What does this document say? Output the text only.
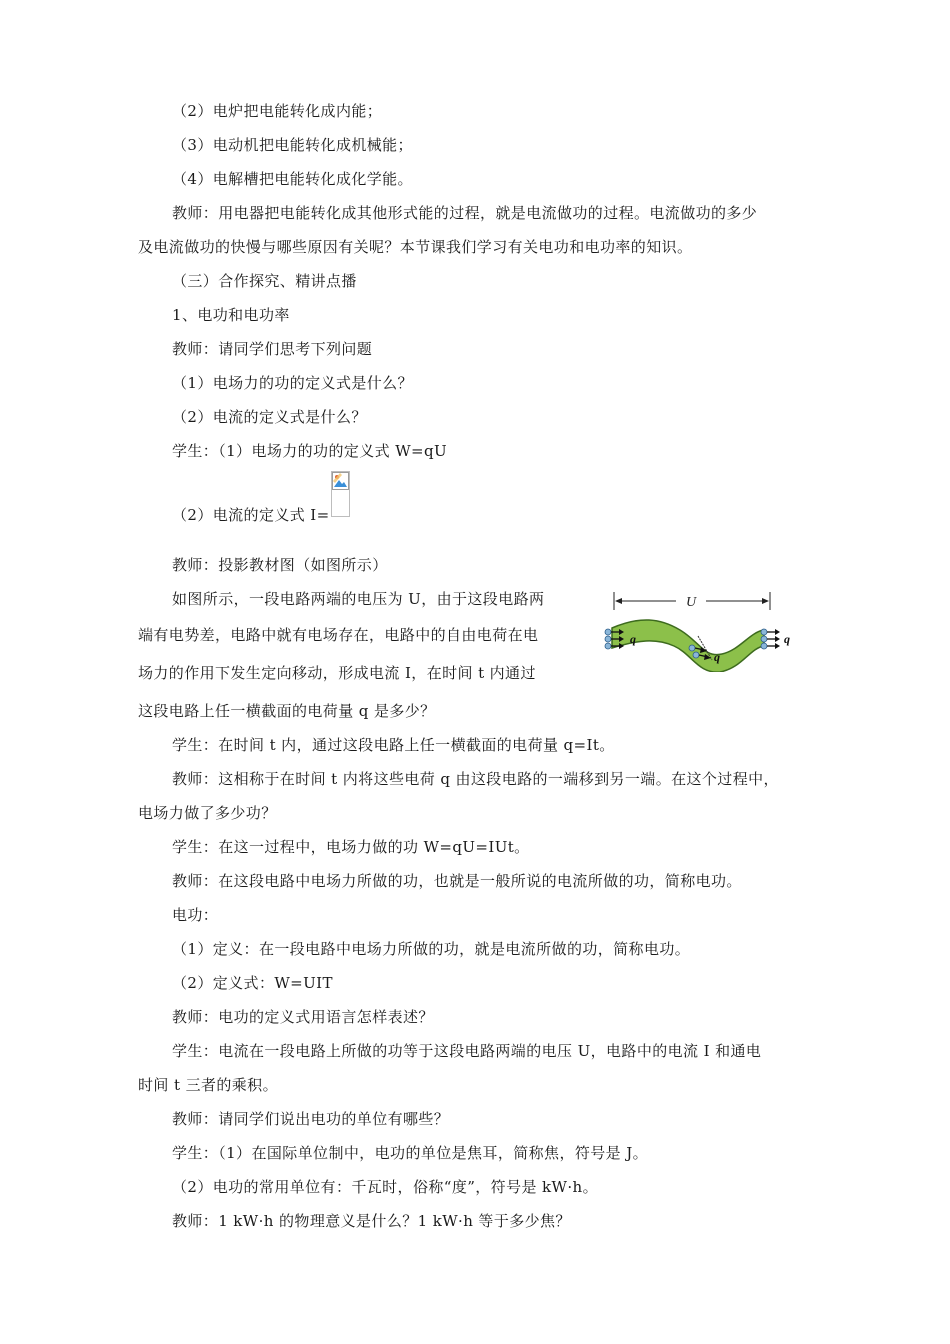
（2）电炉把电能转化成内能；
（3）电动机把电能转化成机械能；
（4）电解槽把电能转化成化学能。
教师：用电器把电能转化成其他形式能的过程，就是电流做功的过程。电流做功的多少
及电流做功的快慢与哪些原因有关呢？本节课我们学习有关电功和电功率的知识。
（三）合作探究、精讲点播
1、电功和电功率
教师：请同学们思考下列问题
（1）电场力的功的定义式是什么？
（2）电流的定义式是什么？
学生：（1）电场力的功的定义式 W=qU
（2）电流的定义式 I=
教师：投影教材图（如图所示）
如图所示，一段电路两端的电压为 U，由于这段电路两
端有电势差，电路中就有电场存在，电路中的自由电荷在电
场力的作用下发生定向移动，形成电流 I，在时间 t 内通过
这段电路上任一横截面的电荷量 q 是多少？
U
q
q
q
学生：在时间 t 内，通过这段电路上任一横截面的电荷量 q=It。
教师：这相称于在时间 t 内将这些电荷 q 由这段电路的一端移到另一端。在这个过程中，
电场力做了多少功？
学生：在这一过程中，电场力做的功 W=qU=IUt。
教师：在这段电路中电场力所做的功，也就是一般所说的电流所做的功，简称电功。
电功：
（1）定义：在一段电路中电场力所做的功，就是电流所做的功，简称电功。
（2）定义式：W=UIT
教师：电功的定义式用语言怎样表述？
学生：电流在一段电路上所做的功等于这段电路两端的电压 U，电路中的电流 I 和通电
时间 t 三者的乘积。
教师：请同学们说出电功的单位有哪些？
学生：（1）在国际单位制中，电功的单位是焦耳，简称焦，符号是 J。
（2）电功的常用单位有：千瓦时，俗称“度”，符号是 kW·h。
教师：1 kW·h 的物理意义是什么？1 kW·h 等于多少焦？
